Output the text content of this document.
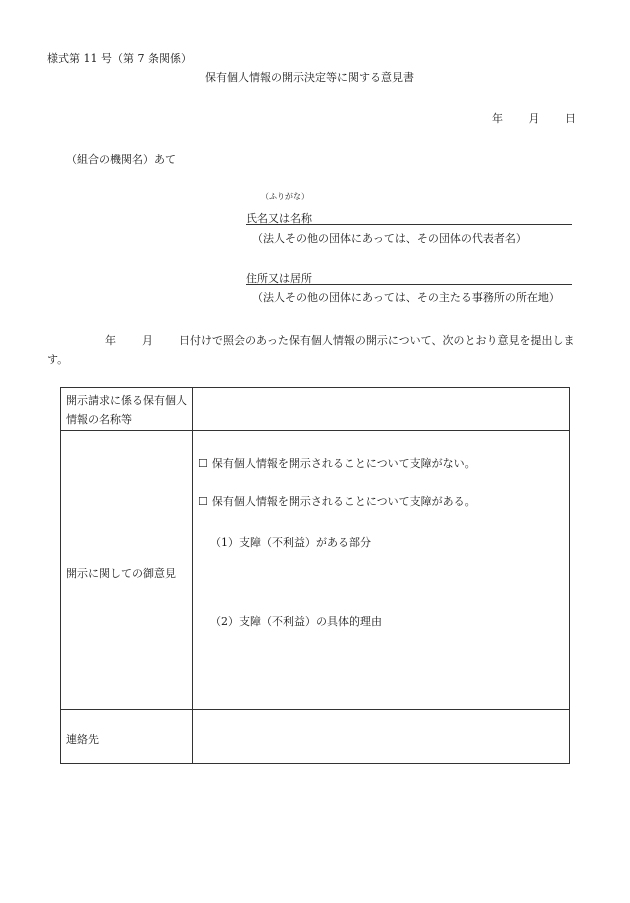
様式第 11 号（第 7 条関係）
保有個人情報の開示決定等に関する意見書
年 月 日
（組合の機関名）あて
（ふりがな）
氏名又は名称
（法人その他の団体にあっては、その団体の代表者名）
住所又は居所
（法人その他の団体にあっては、その主たる事務所の所在地）
年 月 日付けで照会のあった保有個人情報の開示について、次のとおり意見を提出します。
開示請求に係る保有個人情報の名称等
開示に関しての御意見
連絡先
☐ 保有個人情報を開示されることについて支障がない。
☐ 保有個人情報を開示されることについて支障がある。
（1）支障（不利益）がある部分
（2）支障（不利益）の具体的理由
